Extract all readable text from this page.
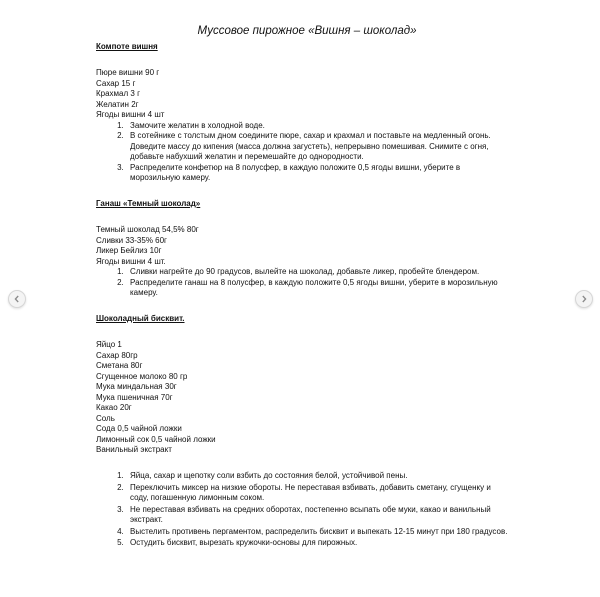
Муссовое пирожное «Вишня – шоколад»
Компоте вишня
Пюре вишни 90 г
Сахар 15 г
Крахмал 3 г
Желатин 2г
Ягоды вишни 4 шт
1. Замочите желатин в холодной воде.
2. В сотейнике с толстым дном соедините пюре, сахар и крахмал и поставьте на медленный огонь. Доведите массу до кипения (масса должна загустеть), непрерывно помешивая. Снимите с огня, добавьте набухший желатин и перемешайте до однородности.
3. Распределите конфетюр на 8 полусфер, в каждую положите 0,5 ягоды вишни, уберите в морозильную камеру.
Ганаш «Темный шоколад»
Темный шоколад 54,5% 80г
Сливки 33-35% 60г
Ликер Бейлиз 10г
Ягоды вишни 4 шт.
1. Сливки нагрейте до 90 градусов, вылейте на шоколад, добавьте ликер, пробейте блендером.
2. Распределите ганаш на 8 полусфер, в каждую положите 0,5 ягоды вишни, уберите в морозильную камеру.
Шоколадный бисквит.
Яйцо 1
Сахар 80гр
Сметана 80г
Сгущенное молоко 80 гр
Мука миндальная 30г
Мука пшеничная 70г
Какао 20г
Соль
Сода 0,5 чайной ложки
Лимонный сок 0,5 чайной ложки
Ванильный экстракт
1. Яйца, сахар и щепотку соли взбить до состояния белой, устойчивой пены.
2. Переключить миксер на низкие обороты. Не переставая взбивать, добавить сметану, сгущенку и соду, погашенную лимонным соком.
3. Не переставая взбивать на средних оборотах, постепенно всыпать обе муки, какао и ванильный экстракт.
4. Выстелить противень пергаментом, распределить бисквит и выпекать 12-15 минут при 180 градусов.
5. Остудить бисквит, вырезать кружочки-основы для пирожных.
